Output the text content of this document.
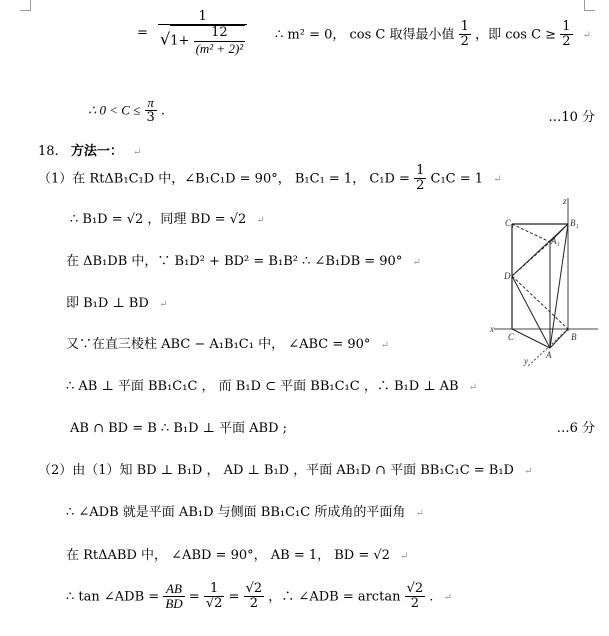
= $\frac{1}{√1+ \frac{12}{\text{(m² + 2)²}}}$ ∴ m² = 0， cos C 取得最小值 $\frac{1}{2}$ ，即 $\cos C \ge \frac{1}{2}$ ↵
∴ $0 < C \le \frac{\pi}{3}$ .	…10 分
18. 方法一： ↵
（1）在 RtΔB₁C₁D 中，∠B₁C₁D = 90°， B₁C₁ = 1， $C_1D = \frac{1}{2} C_1C = 1$ ↵
∴ B₁D = √2 ，同理 BD = √2 ↵
在 ΔB₁DB 中，∵ B₁D² + BD² = B₁B² ∴ ∠B₁DB = 90° ↵
即 B₁D ⊥ BD ↵
又∵在直三棱柱 ABC − A₁B₁C₁ 中， ∠ABC = 90° ↵
∴ AB ⊥ 平面 BB₁C₁C ， 而 B₁D ⊂ 平面 BB₁C₁C ，∴ B₁D ⊥ AB ↵
AB ∩ BD = B ∴ B₁D ⊥ 平面 ABD ;	…6 分
（2）由（1）知 BD ⊥ B₁D ， AD ⊥ B₁D ，平面 AB₁D ∩ 平面 BB₁C₁C = B₁D ↵
∴ ∠ADB 就是平面 AB₁D 与侧面 BB₁C₁C 所成角的平面角 ↵
在 RtΔABD 中， ∠ABD = 90°， AB = 1， BD = √2 ↵
∴ tan ∠ADB = $\frac{AB}{BD} = \frac{1}{√2} = \frac{√2}{2}$ ，∴ ∠ADB = $\arctan \frac{√2}{2}$ . ↵
C₁	B₁
A₁
D
x
C	B
A
y
z
